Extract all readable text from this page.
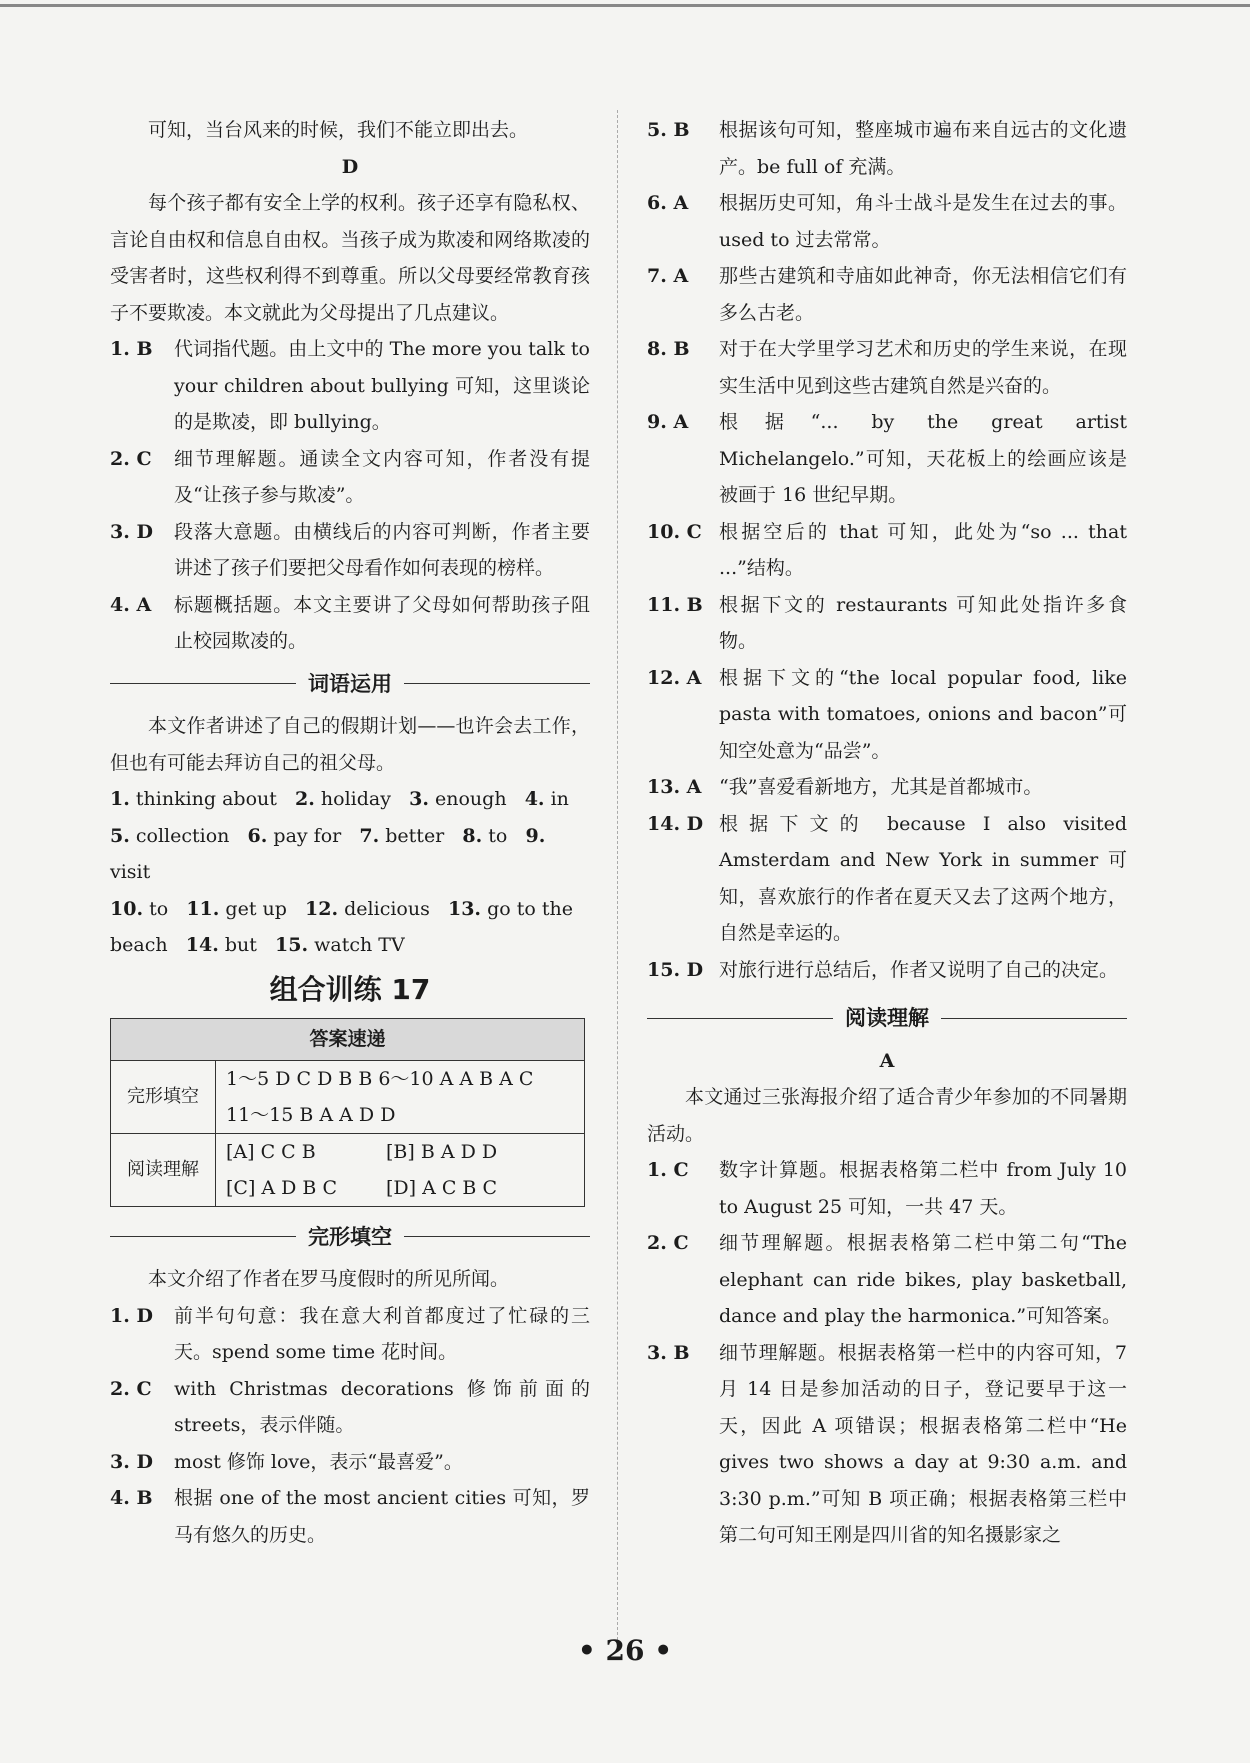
可知，当台风来的时候，我们不能立即出去。

D

每个孩子都有安全上学的权利。孩子还享有隐私权、言论自由权和信息自由权。当孩子成为欺凌和网络欺凌的受害者时，这些权利得不到尊重。所以父母要经常教育孩子不要欺凌。本文就此为父母提出了几点建议。

1. B	代词指代题。由上文中的 The more you talk to your children about bullying 可知，这里谈论的是欺凌，即 bullying。
2. C	细节理解题。通读全文内容可知，作者没有提及“让孩子参与欺凌”。
3. D	段落大意题。由横线后的内容可判断，作者主要讲述了孩子们要把父母看作如何表现的榜样。
4. A	标题概括题。本文主要讲了父母如何帮助孩子阻止校园欺凌的。
词语运用

本文作者讲述了自己的假期计划——也许会去工作，但也有可能去拜访自己的祖父母。

1. thinking about 2. holiday 3. enough 4. in
5. collection 6. pay for 7. better 8. to 9. visit
10. to 11. get up 12. delicious 13. go to the
beach 14. but 15. watch TV
组合训练 17
答案速递	
完形填空	1～5 D C D B B 6～10 A A B A C
11～15 B A A D D

阅读理解	[A] C C B [B] B A D D
[C] A D B C [D] A C B C
完形填空

本文介绍了作者在罗马度假时的所见所闻。

1. D	前半句句意：我在意大利首都度过了忙碌的三天。spend some time 花时间。
2. C	with Christmas decorations 修饰前面的 streets，表示伴随。
3. D	most 修饰 love，表示“最喜爱”。
4. B	根据 one of the most ancient cities 可知，罗马有悠久的历史。
5. B	根据该句可知，整座城市遍布来自远古的文化遗产。be full of 充满。
6. A	根据历史可知，角斗士战斗是发生在过去的事。used to 过去常常。
7. A	那些古建筑和寺庙如此神奇，你无法相信它们有多么古老。
8. B	对于在大学里学习艺术和历史的学生来说，在现实生活中见到这些古建筑自然是兴奋的。
9. A	根据“... by the great artist Michelangelo.”可知，天花板上的绘画应该是被画于 16 世纪早期。
10. C 根据空后的 that 可知，此处为“so ... that ...”结构。
11. B 根据下文的 restaurants 可知此处指许多食物。
12. A 根据下文的“the local popular food, like pasta with tomatoes, onions and bacon”可知空处意为“品尝”。
13. A “我”喜爱看新地方，尤其是首都城市。
14. D 根据下文的 because I also visited Amsterdam and New York in summer 可知，喜欢旅行的作者在夏天又去了这两个地方，自然是幸运的。
15. D 对旅行进行总结后，作者又说明了自己的决定。
阅读理解
A

本文通过三张海报介绍了适合青少年参加的不同暑期活动。

1. C	数字计算题。根据表格第二栏中 from July 10 to August 25 可知，一共 47 天。
2. C	细节理解题。根据表格第二栏中第二句“The elephant can ride bikes, play basketball, dance and play the harmonica.”可知答案。
3. B	细节理解题。根据表格第一栏中的内容可知，7 月 14 日是参加活动的日子，登记要早于这一天，因此 A 项错误；根据表格第二栏中“He gives two shows a day at 9:30 a.m. and 3:30 p.m.”可知 B 项正确；根据表格第三栏中第二句可知王刚是四川省的知名摄影家之
• 26 •
